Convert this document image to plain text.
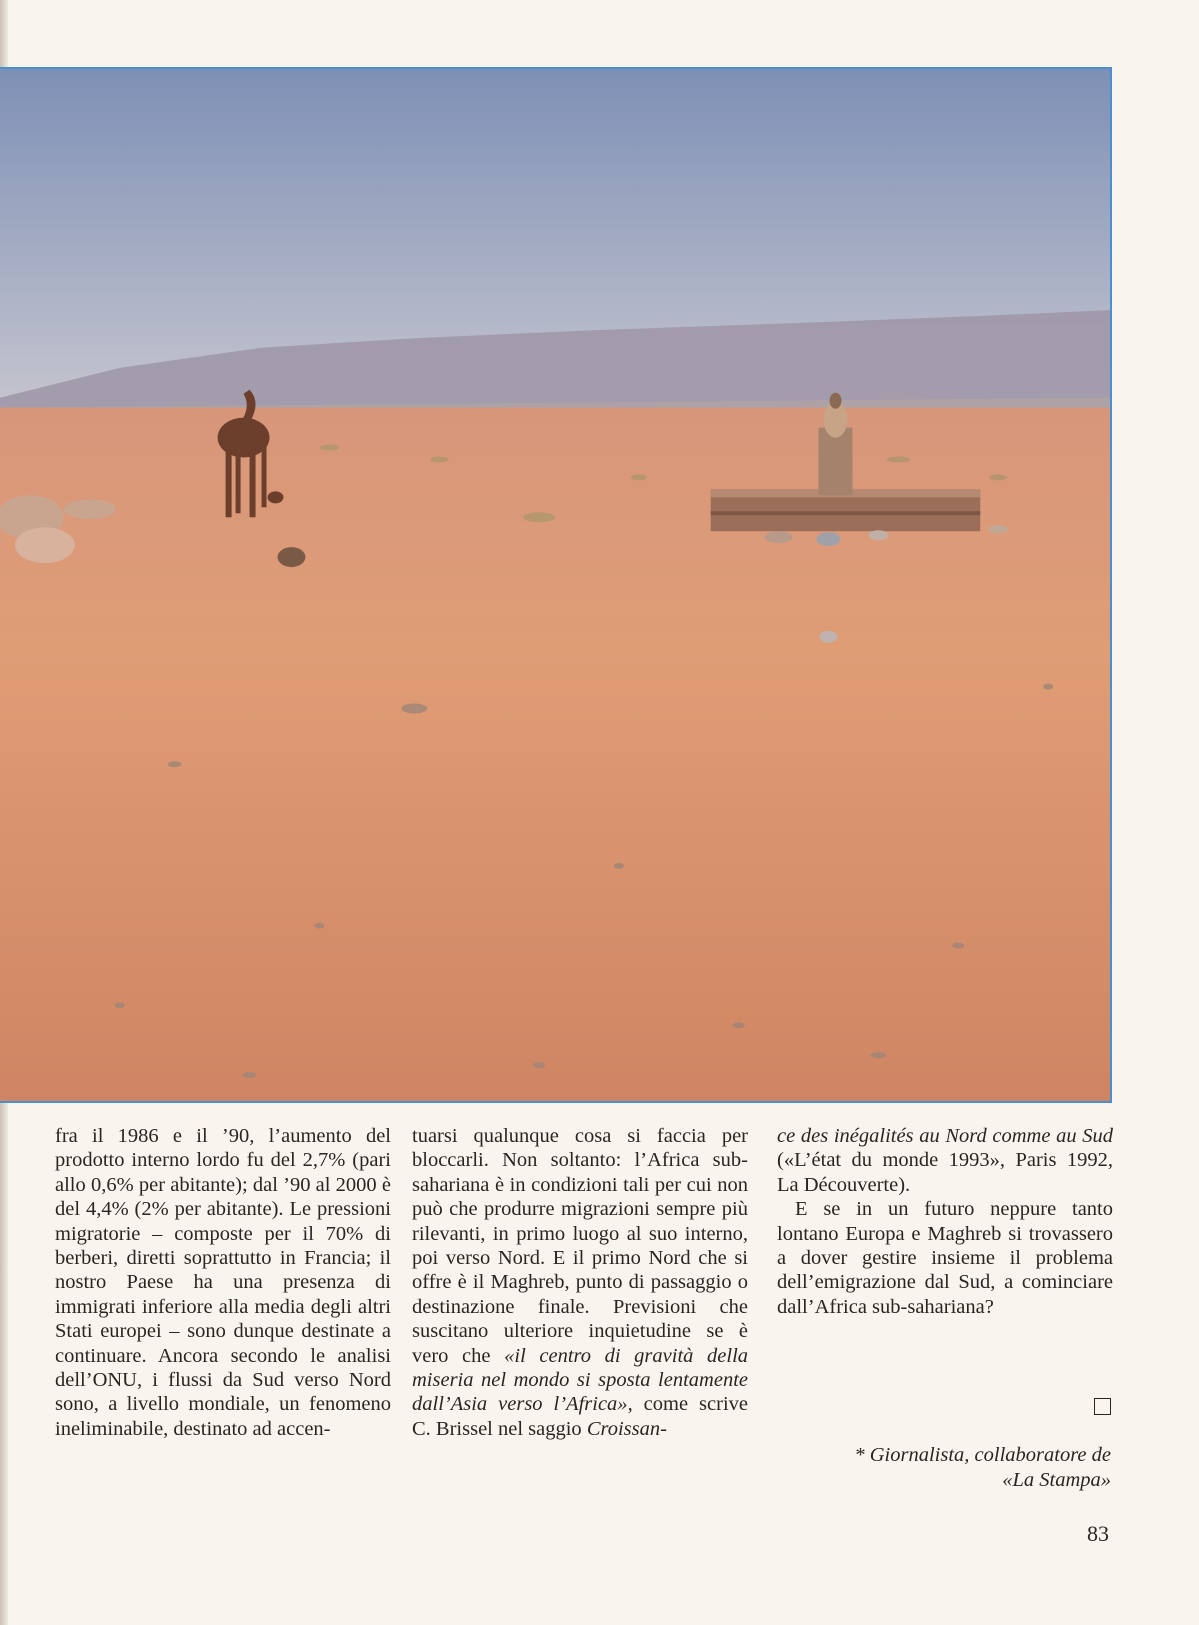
fra il 1986 e il ’90, l’aumento del prodotto interno lordo fu del 2,7% (pari allo 0,6% per abitante); dal ’90 al 2000 è del 4,4% (2% per abitante). Le pressioni migratorie – composte per il 70% di berberi, diretti soprattutto in Francia; il nostro Paese ha una presenza di immigrati inferiore alla media degli altri Stati europei – sono dunque destinate a continuare. Ancora secondo le analisi dell’ONU, i flussi da Sud verso Nord sono, a livello mondiale, un fenomeno ineliminabile, destinato ad accen-

tuarsi qualunque cosa si faccia per bloccarli. Non soltanto: l’Africa sub-sahariana è in condizioni tali per cui non può che produrre migrazioni sempre più rilevanti, in primo luogo al suo interno, poi verso Nord. E il primo Nord che si offre è il Maghreb, punto di passaggio o destinazione finale. Previsioni che suscitano ulteriore inquietudine se è vero che «il centro di gravità della miseria nel mondo si sposta lentamente dall’Asia verso l’Africa», come scrive C. Brissel nel saggio Croissan-

ce des inégalités au Nord comme au Sud («L’état du monde 1993», Paris 1992, La Découverte).

E se in un futuro neppure tanto lontano Europa e Maghreb si trovassero a dover gestire insieme il problema dell’emigrazione dal Sud, a cominciare dall’Africa sub-sahariana?

* Giornalista, collaboratore de
«La Stampa»
83
